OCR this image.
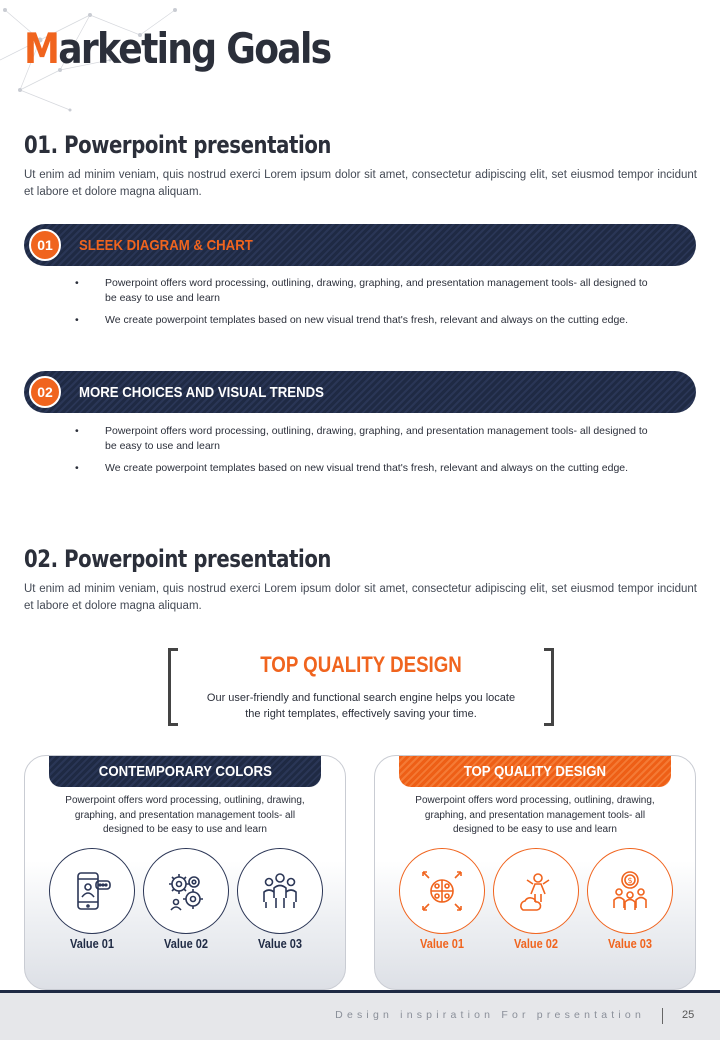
Marketing Goals
01. Powerpoint presentation
Ut enim ad minim veniam, quis nostrud exerci Lorem ipsum dolor sit amet, consectetur adipiscing elit, set eiusmod tempor incidunt et labore et dolore magna aliquam.
01	SLEEK DIAGRAM & CHART
• Powerpoint offers word processing, outlining, drawing, graphing, and presentation management tools- all designed to be easy to use and learn
• We create powerpoint templates based on new visual trend that's fresh, relevant and always on the cutting edge.
02	MORE CHOICES AND VISUAL TRENDS
• Powerpoint offers word processing, outlining, drawing, graphing, and presentation management tools- all designed to be easy to use and learn
• We create powerpoint templates based on new visual trend that's fresh, relevant and always on the cutting edge.
02. Powerpoint presentation
Ut enim ad minim veniam, quis nostrud exerci Lorem ipsum dolor sit amet, consectetur adipiscing elit, set eiusmod tempor incidunt et labore et dolore magna aliquam.
TOP QUALITY DESIGN
Our user-friendly and functional search engine helps you locate the right templates, effectively saving your time.
CONTEMPORARY COLORS
Powerpoint offers word processing, outlining, drawing, graphing, and presentation management tools- all designed to be easy to use and learn
Value 01	Value 02	Value 03
TOP QUALITY DESIGN
Powerpoint offers word processing, outlining, drawing, graphing, and presentation management tools- all designed to be easy to use and learn
$
Value 01	Value 02	Value 03
Design inspiration For presentation	25
